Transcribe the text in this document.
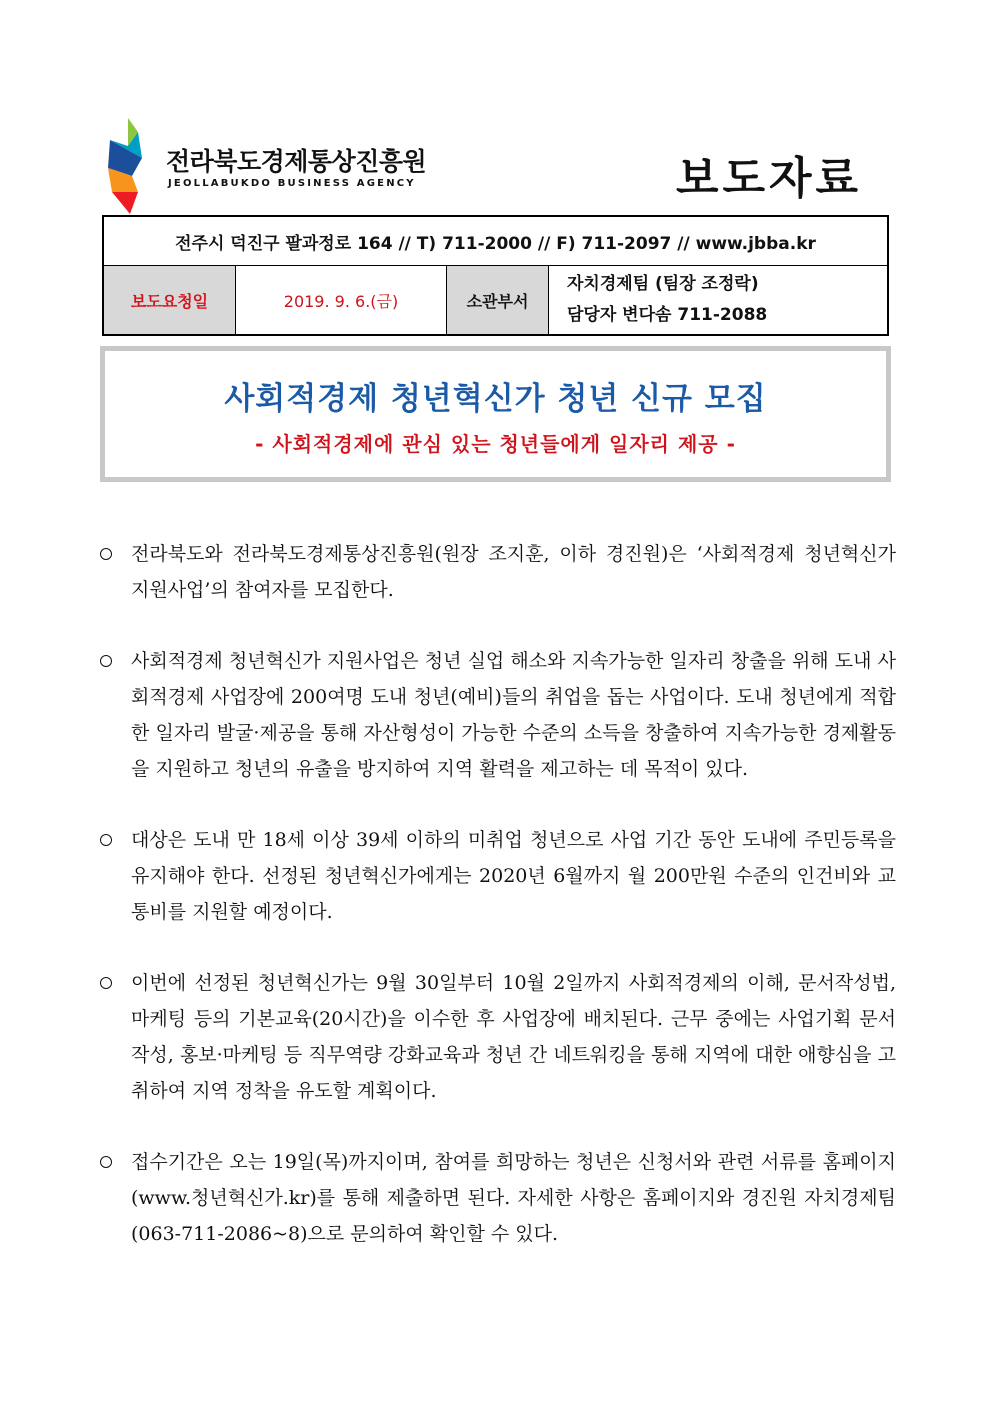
전라북도경제통상진흥원
JEOLLABUKDO BUSINESS AGENCY	보도자료
전주시 덕진구 팔과정로 164 // T) 711-2000 // F) 711-2097 // www.jbba.kr
보도요청일	2019. 9. 6.(금)	소관부서
자치경제팀 (팀장 조정락)
담당자 변다솜 711-2088
사회적경제 청년혁신가 청년 신규 모집
- 사회적경제에 관심 있는 청년들에게 일자리 제공 -
전라북도와 전라북도경제통상진흥원(원장 조지훈, 이하 경진원)은 ‘사회적경제 청년혁신가 지원사업’의 참여자를 모집한다.
사회적경제 청년혁신가 지원사업은 청년 실업 해소와 지속가능한 일자리 창출을 위해 도내 사회적경제 사업장에 200여명 도내 청년(예비)들의 취업을 돕는 사업이다. 도내 청년에게 적합한 일자리 발굴·제공을 통해 자산형성이 가능한 수준의 소득을 창출하여 지속가능한 경제활동을 지원하고 청년의 유출을 방지하여 지역 활력을 제고하는 데 목적이 있다.
대상은 도내 만 18세 이상 39세 이하의 미취업 청년으로 사업 기간 동안 도내에 주민등록을 유지해야 한다. 선정된 청년혁신가에게는 2020년 6월까지 월 200만원 수준의 인건비와 교통비를 지원할 예정이다.
이번에 선정된 청년혁신가는 9월 30일부터 10월 2일까지 사회적경제의 이해, 문서작성법, 마케팅 등의 기본교육(20시간)을 이수한 후 사업장에 배치된다. 근무 중에는 사업기획 문서작성, 홍보·마케팅 등 직무역량 강화교육과 청년 간 네트워킹을 통해 지역에 대한 애향심을 고취하여 지역 정착을 유도할 계획이다.
접수기간은 오는 19일(목)까지이며, 참여를 희망하는 청년은 신청서와 관련 서류를 홈페이지(www.청년혁신가.kr)를 통해 제출하면 된다. 자세한 사항은 홈페이지와 경진원 자치경제팀(063-711-2086~8)으로 문의하여 확인할 수 있다.
